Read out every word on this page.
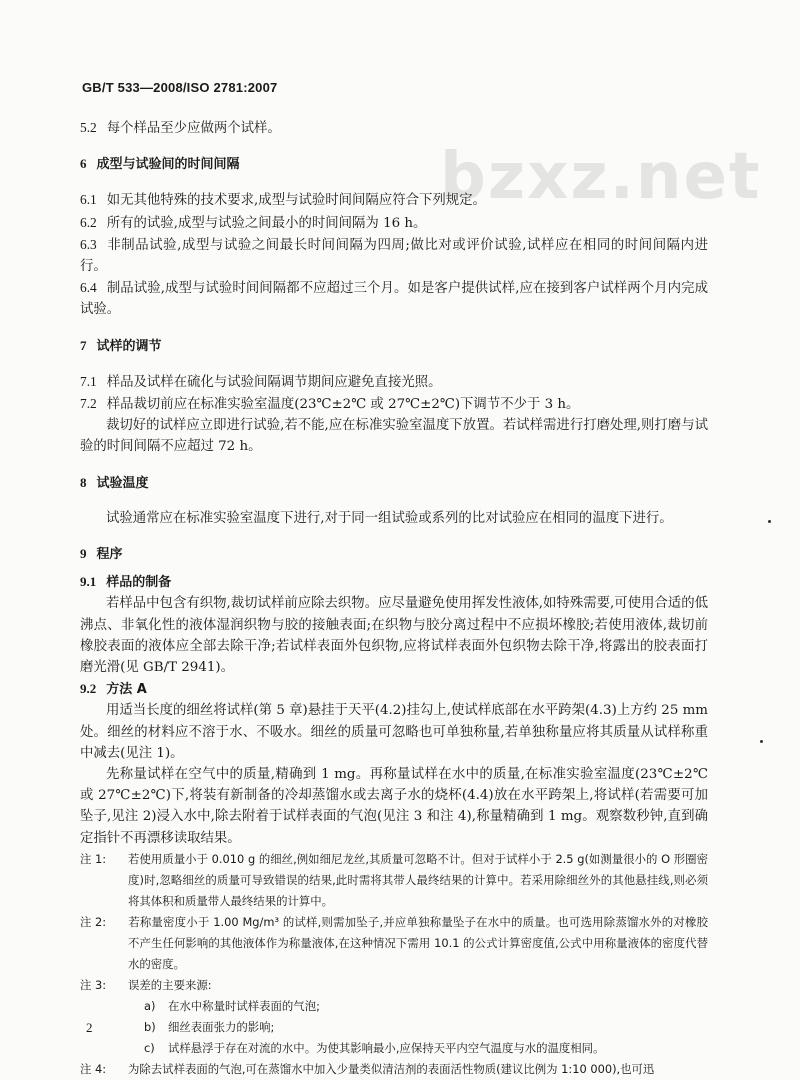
bzxz.net
GB/T 533—2008/ISO 2781:2007

5.2 每个样品至少应做两个试样。

6 成型与试验间的时间间隔

6.1 如无其他特殊的技术要求,成型与试验时间间隔应符合下列规定。

6.2 所有的试验,成型与试验之间最小的时间间隔为 16 h。

6.3 非制品试验,成型与试验之间最长时间间隔为四周;做比对或评价试验,试样应在相同的时间间隔内进行。

6.4 制品试验,成型与试验时间间隔都不应超过三个月。如是客户提供试样,应在接到客户试样两个月内完成试验。

7 试样的调节

7.1 样品及试样在硫化与试验间隔调节期间应避免直接光照。

7.2 样品裁切前应在标准实验室温度(23℃±2℃ 或 27℃±2℃)下调节不少于 3 h。

裁切好的试样应立即进行试验,若不能,应在标准实验室温度下放置。若试样需进行打磨处理,则打磨与试验的时间间隔不应超过 72 h。

8 试验温度

试验通常应在标准实验室温度下进行,对于同一组试验或系列的比对试验应在相同的温度下进行。

9 程序

9.1 样品的制备

若样品中包含有织物,裁切试样前应除去织物。应尽量避免使用挥发性液体,如特殊需要,可使用合适的低沸点、非氧化性的液体湿润织物与胶的接触表面;在织物与胶分离过程中不应损坏橡胶;若使用液体,裁切前橡胶表面的液体应全部去除干净;若试样表面外包织物,应将试样表面外包织物去除干净,将露出的胶表面打磨光滑(见 GB/T 2941)。

9.2 方法 A

用适当长度的细丝将试样(第 5 章)悬挂于天平(4.2)挂勾上,使试样底部在水平跨架(4.3)上方约 25 mm 处。细丝的材料应不溶于水、不吸水。细丝的质量可忽略也可单独称量,若单独称量应将其质量从试样称重中减去(见注 1)。

先称量试样在空气中的质量,精确到 1 mg。再称量试样在水中的质量,在标准实验室温度(23℃±2℃ 或 27℃±2℃)下,将装有新制备的冷却蒸馏水或去离子水的烧杯(4.4)放在水平跨架上,将试样(若需要可加坠子,见注 2)浸入水中,除去附着于试样表面的气泡(见注 3 和注 4),称量精确到 1 mg。观察数秒钟,直到确定指针不再漂移读取结果。

注 1: 若使用质量小于 0.010 g 的细丝,例如细尼龙丝,其质量可忽略不计。但对于试样小于 2.5 g(如测量很小的 O 形圈密度)时,忽略细丝的质量可导致错误的结果,此时需将其带人最终结果的计算中。若采用除细丝外的其他悬挂线,则必须将其体积和质量带人最终结果的计算中。

注 2: 若称量密度小于 1.00 Mg/m³ 的试样,则需加坠子,并应单独称量坠子在水中的质量。也可选用除蒸馏水外的对橡胶不产生任何影响的其他液体作为称量液体,在这种情况下需用 10.1 的公式计算密度值,公式中用称量液体的密度代替水的密度。

注 3: 误差的主要来源:

a) 在水中称量时试样表面的气泡;

b) 细丝表面张力的影响;

c) 试样悬浮于存在对流的水中。为使其影响最小,应保持天平内空气温度与水的温度相同。

注 4: 为除去试样表面的气泡,可在蒸馏水中加入少量类似清洁剂的表面活性物质(建议比例为 1:10 000),也可迅

2
